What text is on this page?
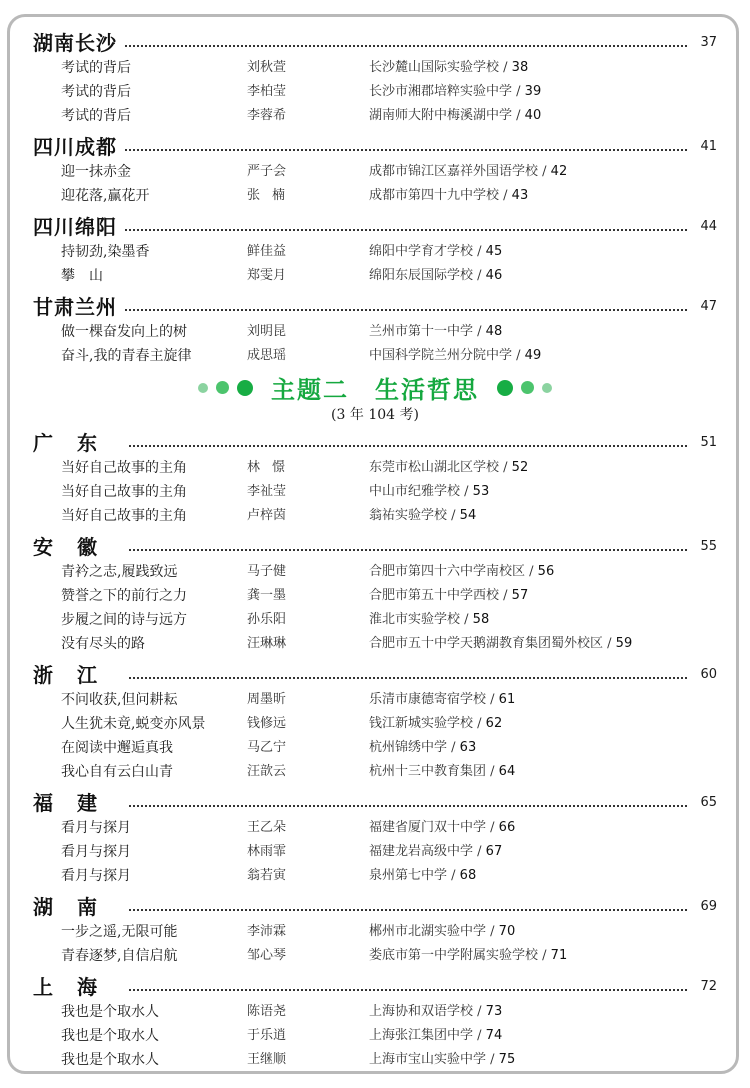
湖南长沙	37
考试的背后	刘秋萱	长沙麓山国际实验学校 / 38
考试的背后	李柏莹	长沙市湘郡培粹实验中学 / 39
考试的背后	李蓉希	湖南师大附中梅溪湖中学 / 40
四川成都	41
迎一抹赤金	严子会	成都市锦江区嘉祥外国语学校 / 42
迎花落,赢花开	张楠	成都市第四十九中学校 / 43
四川绵阳	44
持韧劲,染墨香	鲜佳益	绵阳中学育才学校 / 45
攀　山	郑雯月	绵阳东辰国际学校 / 46
甘肃兰州	47
做一棵奋发向上的树	刘明昆	兰州市第十一中学 / 48
奋斗,我的青春主旋律	成思瑶	中国科学院兰州分院中学 / 49
广东	51
当好自己故事的主角	林憬	东莞市松山湖北区学校 / 52
当好自己故事的主角	李祉莹	中山市纪雅学校 / 53
当好自己故事的主角	卢梓茵	翁祐实验学校 / 54
安徽	55
青衿之志,履践致远	马子健	合肥市第四十六中学南校区 / 56
赞誉之下的前行之力	龚一墨	合肥市第五十中学西校 / 57
步履之间的诗与远方	孙乐阳	淮北市实验学校 / 58
没有尽头的路	汪琳琳	合肥市五十中学天鹅湖教育集团蜀外校区 / 59
浙江	60
不问收获,但问耕耘	周墨昕	乐清市康德寄宿学校 / 61
人生犹未竟,蜕变亦风景	钱修远	钱江新城实验学校 / 62
在阅读中邂逅真我	马乙宁	杭州锦绣中学 / 63
我心自有云白山青	汪歆云	杭州十三中教育集团 / 64
福建	65
看月与探月	王乙朵	福建省厦门双十中学 / 66
看月与探月	林雨霏	福建龙岩高级中学 / 67
看月与探月	翁若寅	泉州第七中学 / 68
湖南	69
一步之遥,无限可能	李沛霖	郴州市北湖实验中学 / 70
青春逐梦,自信启航	邹心琴	娄底市第一中学附属实验学校 / 71
上海	72
我也是个取水人	陈语尧	上海协和双语学校 / 73
我也是个取水人	于乐逍	上海张江集团中学 / 74
我也是个取水人	王继顺	上海市宝山实验中学 / 75
主题二　生活哲思
(3 年 104 考)
